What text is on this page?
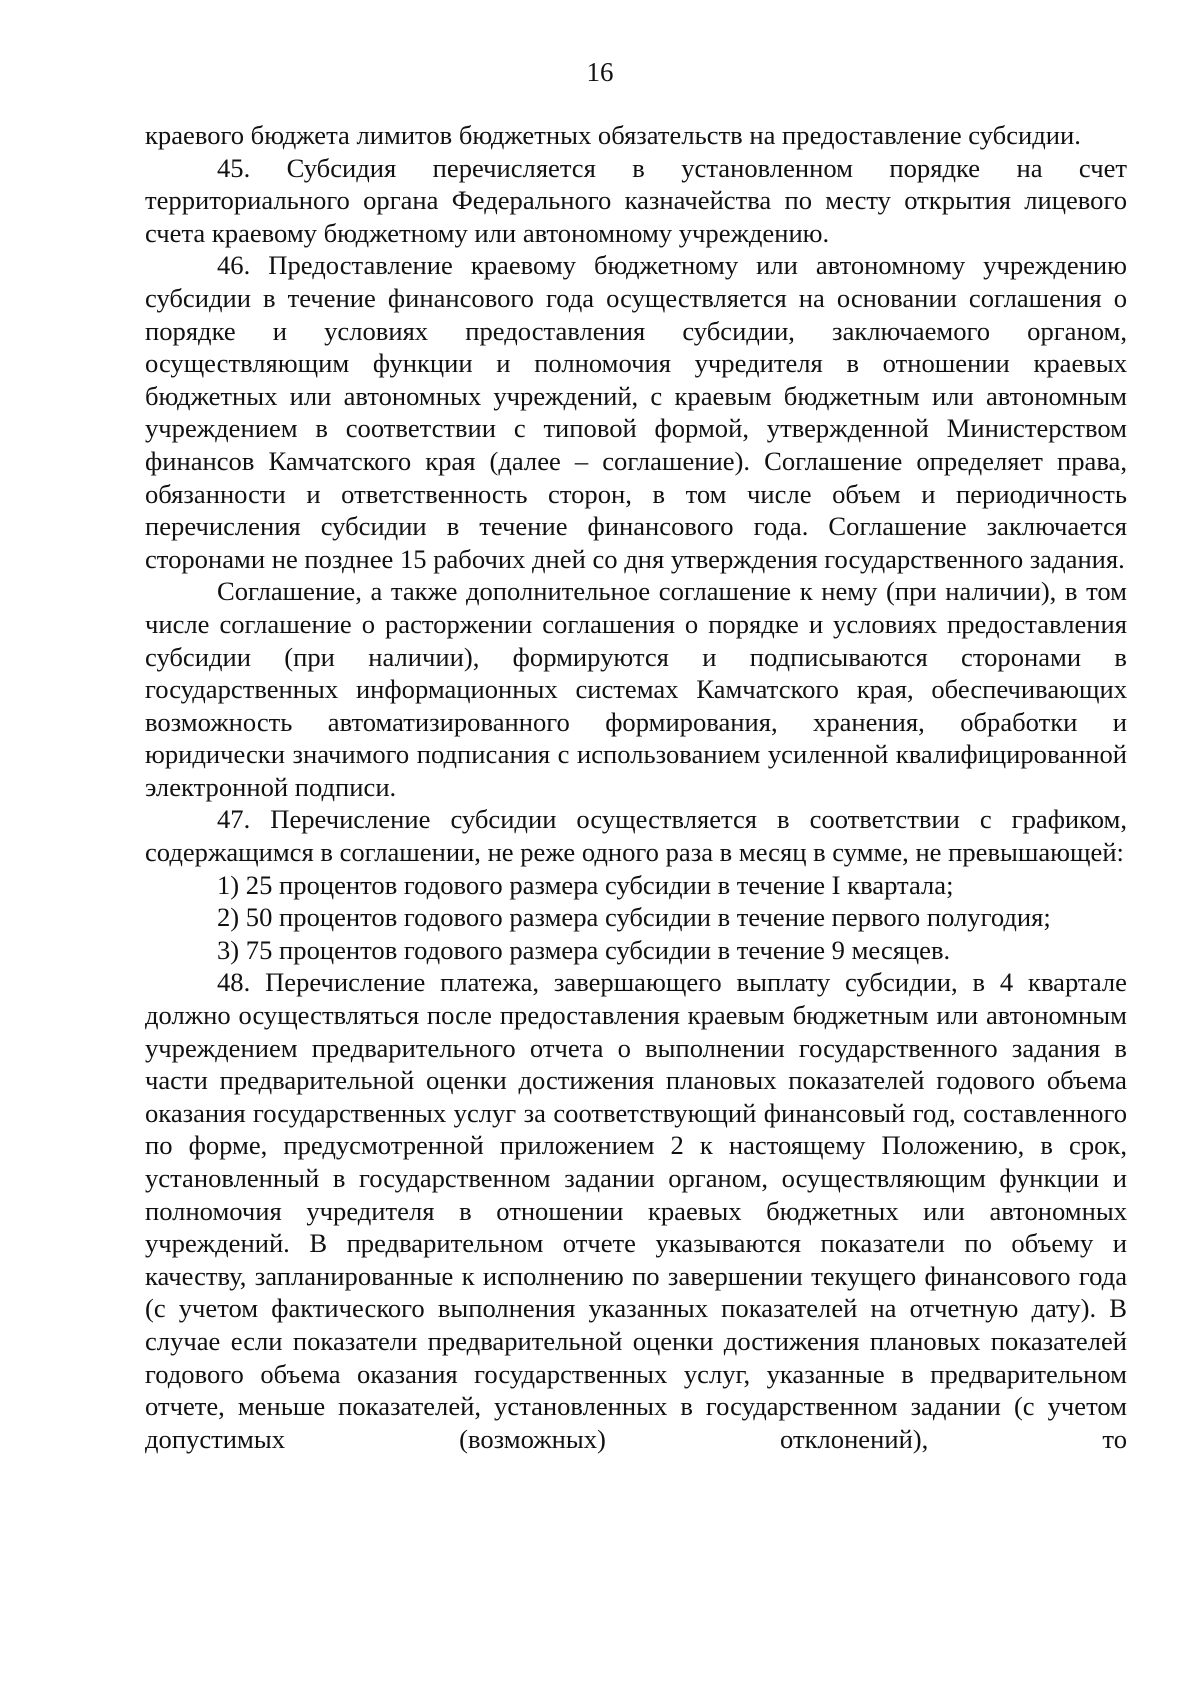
16

краевого бюджета лимитов бюджетных обязательств на предоставление субсидии.

45. Субсидия перечисляется в установленном порядке на счет территориального органа Федерального казначейства по месту открытия лицевого счета краевому бюджетному или автономному учреждению.

46. Предоставление краевому бюджетному или автономному учреждению субсидии в течение финансового года осуществляется на основании соглашения о порядке и условиях предоставления субсидии, заключаемого органом, осуществляющим функции и полномочия учредителя в отношении краевых бюджетных или автономных учреждений, с краевым бюджетным или автономным учреждением в соответствии с типовой формой, утвержденной Министерством финансов Камчатского края (далее – соглашение). Соглашение определяет права, обязанности и ответственность сторон, в том числе объем и периодичность перечисления субсидии в течение финансового года. Соглашение заключается сторонами не позднее 15 рабочих дней со дня утверждения государственного задания.

Соглашение, а также дополнительное соглашение к нему (при наличии), в том числе соглашение о расторжении соглашения о порядке и условиях предоставления субсидии (при наличии), формируются и подписываются сторонами в государственных информационных системах Камчатского края, обеспечивающих возможность автоматизированного формирования, хранения, обработки и юридически значимого подписания с использованием усиленной квалифицированной электронной подписи.

47. Перечисление субсидии осуществляется в соответствии с графиком, содержащимся в соглашении, не реже одного раза в месяц в сумме, не превышающей:

1) 25 процентов годового размера субсидии в течение I квартала;

2) 50 процентов годового размера субсидии в течение первого полугодия;

3) 75 процентов годового размера субсидии в течение 9 месяцев.

48. Перечисление платежа, завершающего выплату субсидии, в 4 квартале должно осуществляться после предоставления краевым бюджетным или автономным учреждением предварительного отчета о выполнении государственного задания в части предварительной оценки достижения плановых показателей годового объема оказания государственных услуг за соответствующий финансовый год, составленного по форме, предусмотренной приложением 2 к настоящему Положению, в срок, установленный в государственном задании органом, осуществляющим функции и полномочия учредителя в отношении краевых бюджетных или автономных учреждений. В предварительном отчете указываются показатели по объему и качеству, запланированные к исполнению по завершении текущего финансового года (с учетом фактического выполнения указанных показателей на отчетную дату). В случае если показатели предварительной оценки достижения плановых показателей годового объема оказания государственных услуг, указанные в предварительном отчете, меньше показателей, установленных в государственном задании (с учетом допустимых (возможных) отклонений), то
